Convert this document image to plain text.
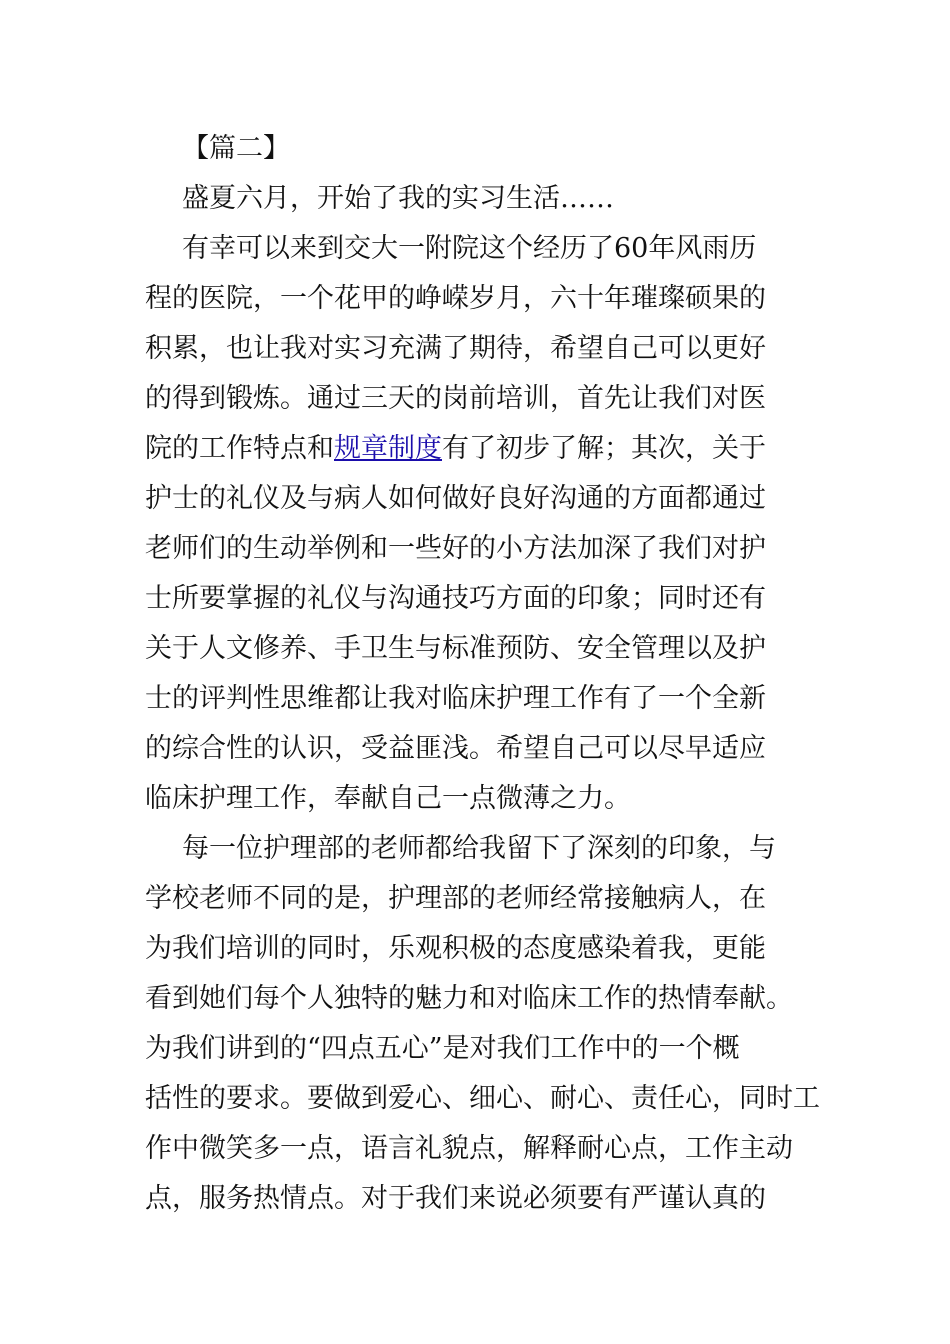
【篇二】
盛夏六月，开始了我的实习生活……
有幸可以来到交大一附院这个经历了60年风雨历
程的医院，一个花甲的峥嵘岁月，六十年璀璨硕果的
积累，也让我对实习充满了期待，希望自己可以更好
的得到锻炼。通过三天的岗前培训，首先让我们对医
院的工作特点和规章制度有了初步了解；其次，关于
护士的礼仪及与病人如何做好良好沟通的方面都通过
老师们的生动举例和一些好的小方法加深了我们对护
士所要掌握的礼仪与沟通技巧方面的印象；同时还有
关于人文修养、手卫生与标准预防、安全管理以及护
士的评判性思维都让我对临床护理工作有了一个全新
的综合性的认识，受益匪浅。希望自己可以尽早适应
临床护理工作，奉献自己一点微薄之力。
每一位护理部的老师都给我留下了深刻的印象，与
学校老师不同的是，护理部的老师经常接触病人，在
为我们培训的同时，乐观积极的态度感染着我，更能
看到她们每个人独特的魅力和对临床工作的热情奉献。
为我们讲到的“四点五心”是对我们工作中的一个概
括性的要求。要做到爱心、细心、耐心、责任心，同时工
作中微笑多一点，语言礼貌点，解释耐心点，工作主动
点，服务热情点。对于我们来说必须要有严谨认真的
